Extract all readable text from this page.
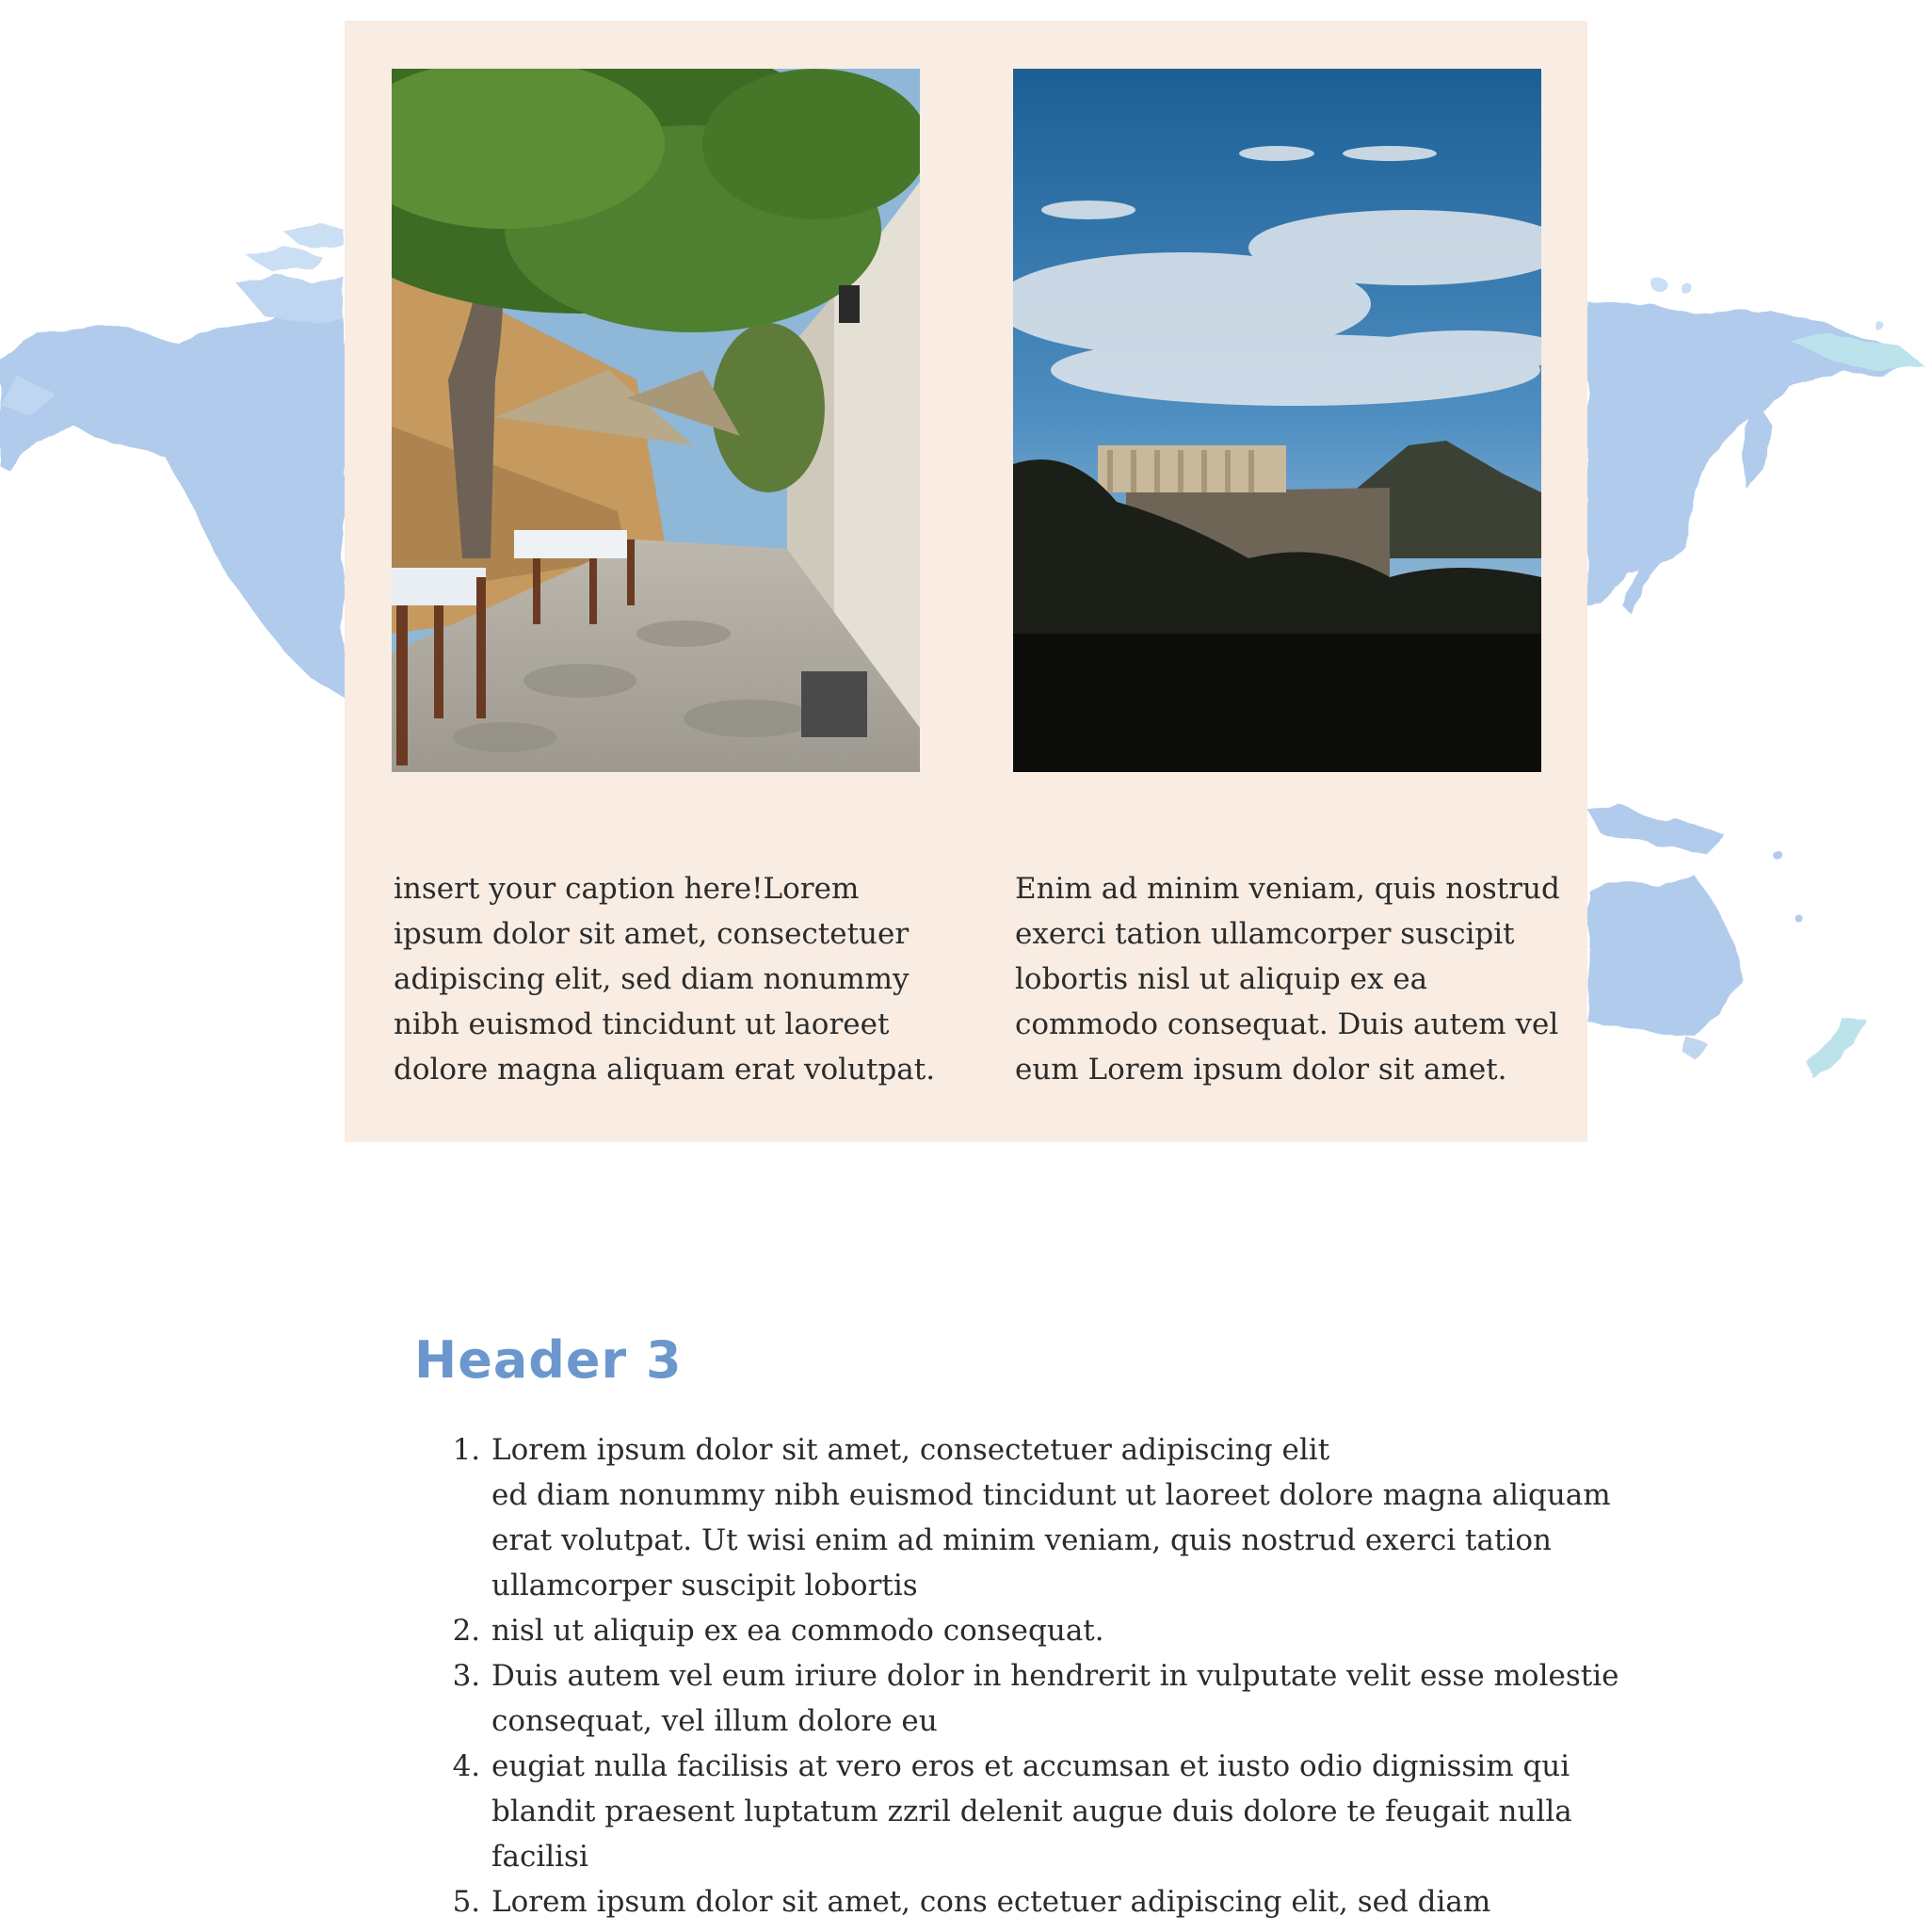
insert your caption here!Lorem ipsum dolor sit amet, consectetuer adipiscing elit, sed diam nonummy nibh euismod tincidunt ut laoreet dolore magna aliquam erat volutpat.

Enim ad minim veniam, quis nostrud exerci tation ullamcorper suscipit lobortis nisl ut aliquip ex ea commodo consequat. Duis autem vel eum Lorem ipsum dolor sit amet.

Header 3
1. Lorem ipsum dolor sit amet, consectetuer adipiscing elit
ed diam nonummy nibh euismod tincidunt ut laoreet dolore magna aliquam erat volutpat. Ut wisi enim ad minim veniam, quis nostrud exerci tation ullamcorper suscipit lobortis
2. nisl ut aliquip ex ea commodo consequat.
3. Duis autem vel eum iriure dolor in hendrerit in vulputate velit esse molestie consequat, vel illum dolore eu
4. eugiat nulla facilisis at vero eros et accumsan et iusto odio dignissim qui blandit praesent luptatum zzril delenit augue duis dolore te feugait nulla facilisi
5. Lorem ipsum dolor sit amet, cons ectetuer adipiscing elit, sed diam
